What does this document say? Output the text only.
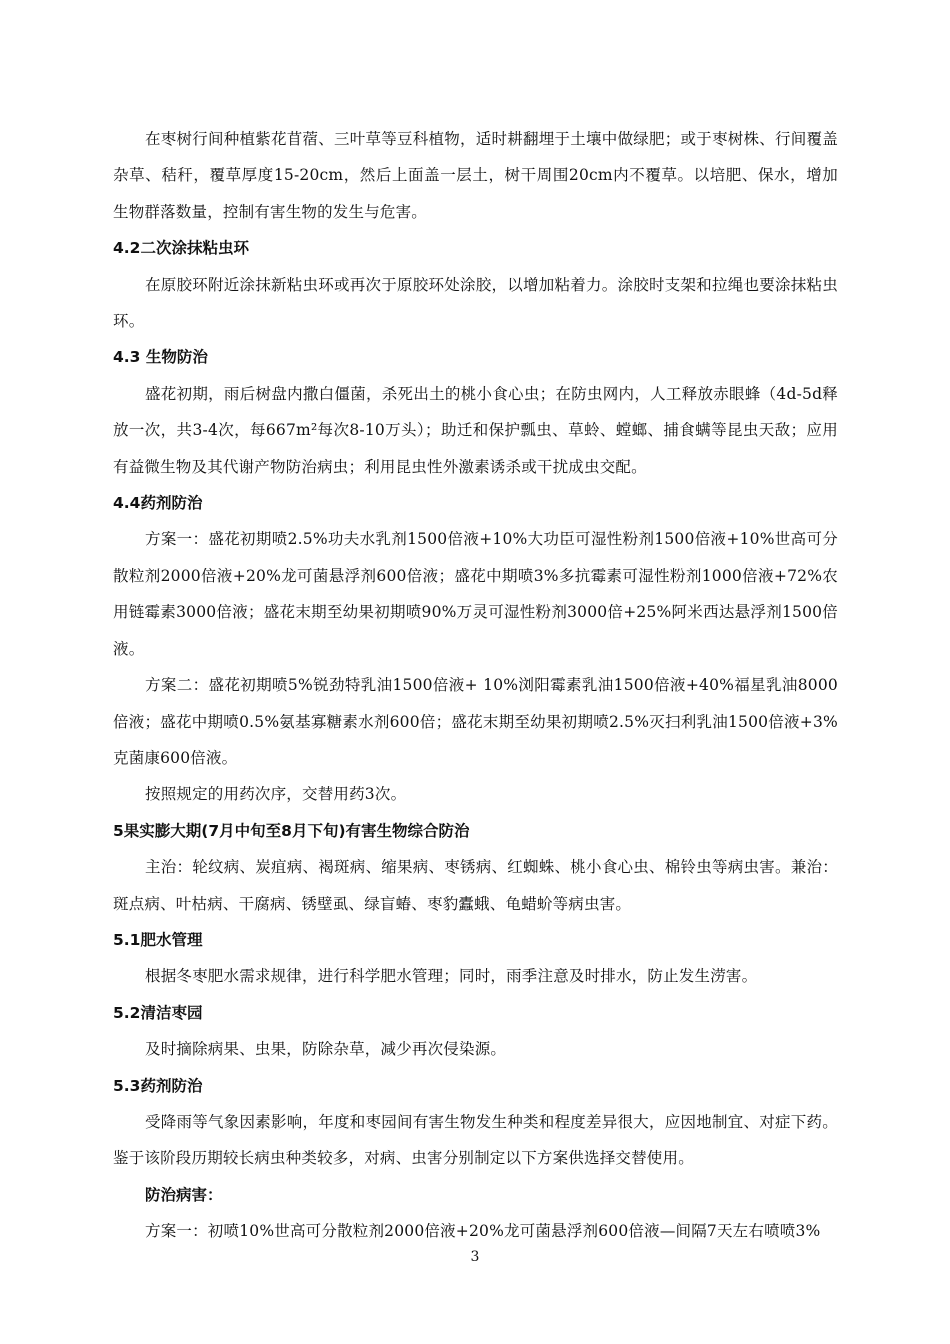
在枣树行间种植紫花苜蓿、三叶草等豆科植物，适时耕翻埋于土壤中做绿肥；或于枣树株、行间覆盖杂草、秸秆，覆草厚度15-20cm，然后上面盖一层土，树干周围20cm内不覆草。以培肥、保水，增加生物群落数量，控制有害生物的发生与危害。

4.2二次涂抹粘虫环

在原胶环附近涂抹新粘虫环或再次于原胶环处涂胶，以增加粘着力。涂胶时支架和拉绳也要涂抹粘虫环。

4.3 生物防治

盛花初期，雨后树盘内撒白僵菌，杀死出土的桃小食心虫；在防虫网内，人工释放赤眼蜂（4d-5d释放一次，共3-4次，每667m²每次8-10万头）；助迁和保护瓢虫、草蛉、螳螂、捕食螨等昆虫天敌；应用有益微生物及其代谢产物防治病虫；利用昆虫性外激素诱杀或干扰成虫交配。

4.4药剂防治

方案一：盛花初期喷2.5%功夫水乳剂1500倍液+10%大功臣可湿性粉剂1500倍液+10%世高可分散粒剂2000倍液+20%龙可菌悬浮剂600倍液；盛花中期喷3%多抗霉素可湿性粉剂1000倍液+72%农用链霉素3000倍液；盛花末期至幼果初期喷90%万灵可湿性粉剂3000倍+25%阿米西达悬浮剂1500倍液。

方案二：盛花初期喷5%锐劲特乳油1500倍液+ 10%浏阳霉素乳油1500倍液+40%福星乳油8000倍液；盛花中期喷0.5%氨基寡糖素水剂600倍；盛花末期至幼果初期喷2.5%灭扫利乳油1500倍液+3%克菌康600倍液。

按照规定的用药次序，交替用药3次。

5果实膨大期(7月中旬至8月下旬)有害生物综合防治

主治：轮纹病、炭疽病、褐斑病、缩果病、枣锈病、红蜘蛛、桃小食心虫、棉铃虫等病虫害。兼治：斑点病、叶枯病、干腐病、锈壁虱、绿盲蝽、枣豹蠹蛾、龟蜡蚧等病虫害。

5.1肥水管理

根据冬枣肥水需求规律，进行科学肥水管理；同时，雨季注意及时排水，防止发生涝害。

5.2清洁枣园

及时摘除病果、虫果，防除杂草，减少再次侵染源。

5.3药剂防治

受降雨等气象因素影响，年度和枣园间有害生物发生种类和程度差异很大，应因地制宜、对症下药。鉴于该阶段历期较长病虫种类较多，对病、虫害分别制定以下方案供选择交替使用。

防治病害：

方案一：初喷10%世高可分散粒剂2000倍液+20%龙可菌悬浮剂600倍液—间隔7天左右喷喷3%

3
